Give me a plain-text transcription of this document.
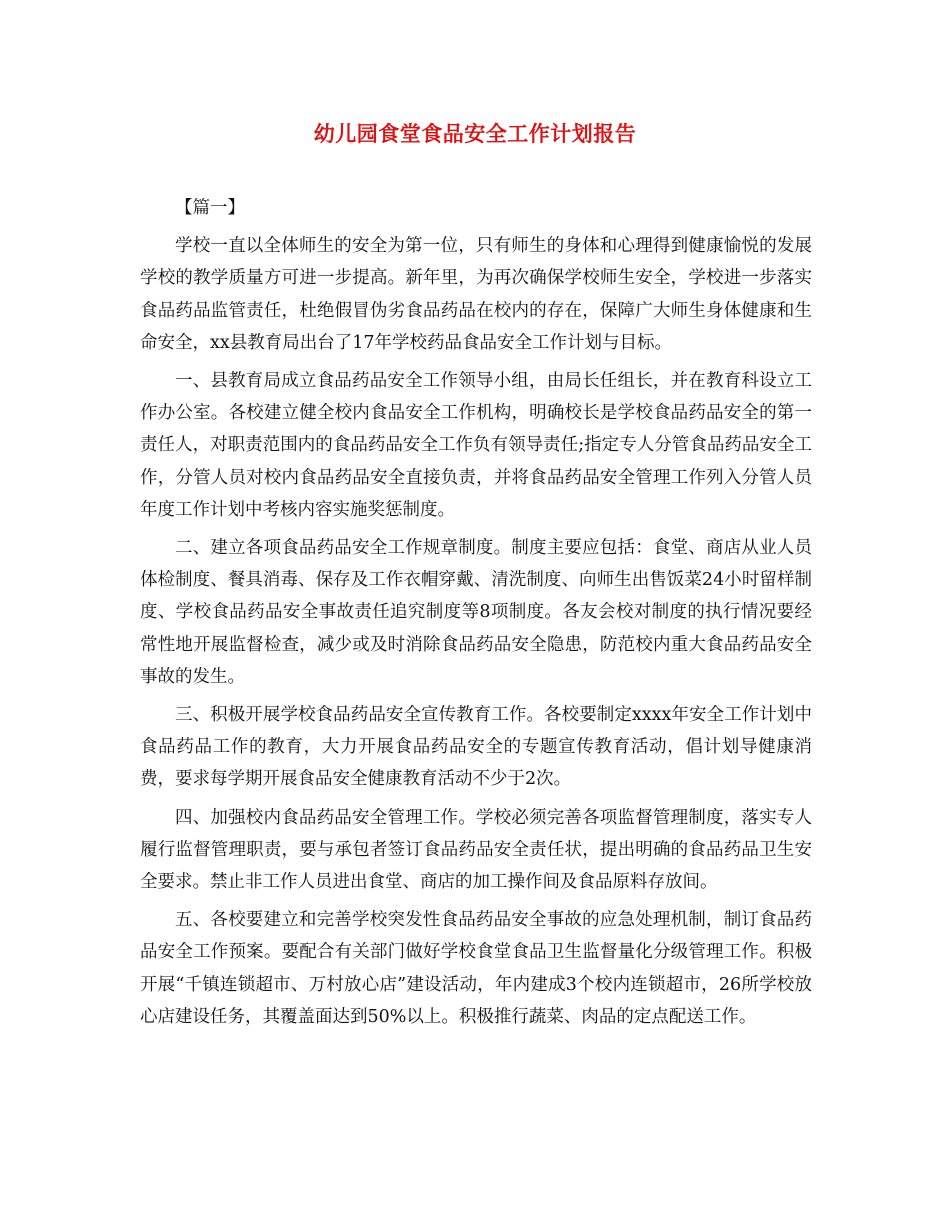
幼儿园食堂食品安全工作计划报告

【篇一】

学校一直以全体师生的安全为第一位，只有师生的身体和心理得到健康愉悦的发展学校的教学质量方可进一步提高。新年里，为再次确保学校师生安全，学校进一步落实食品药品监管责任，杜绝假冒伪劣食品药品在校内的存在，保障广大师生身体健康和生命安全，xx县教育局出台了17年学校药品食品安全工作计划与目标。

一、县教育局成立食品药品安全工作领导小组，由局长任组长，并在教育科设立工作办公室。各校建立健全校内食品安全工作机构，明确校长是学校食品药品安全的第一责任人，对职责范围内的食品药品安全工作负有领导责任;指定专人分管食品药品安全工作，分管人员对校内食品药品安全直接负责，并将食品药品安全管理工作列入分管人员年度工作计划中考核内容实施奖惩制度。

二、建立各项食品药品安全工作规章制度。制度主要应包括：食堂、商店从业人员体检制度、餐具消毒、保存及工作衣帽穿戴、清洗制度、向师生出售饭菜24小时留样制度、学校食品药品安全事故责任追究制度等8项制度。各友会校对制度的执行情况要经常性地开展监督检查，减少或及时消除食品药品安全隐患，防范校内重大食品药品安全事故的发生。

三、积极开展学校食品药品安全宣传教育工作。各校要制定xxxx年安全工作计划中食品药品工作的教育，大力开展食品药品安全的专题宣传教育活动，倡计划导健康消费，要求每学期开展食品安全健康教育活动不少于2次。

四、加强校内食品药品安全管理工作。学校必须完善各项监督管理制度，落实专人履行监督管理职责，要与承包者签订食品药品安全责任状，提出明确的食品药品卫生安全要求。禁止非工作人员进出食堂、商店的加工操作间及食品原料存放间。

五、各校要建立和完善学校突发性食品药品安全事故的应急处理机制，制订食品药品安全工作预案。要配合有关部门做好学校食堂食品卫生监督量化分级管理工作。积极开展“千镇连锁超市、万村放心店”建设活动，年内建成3个校内连锁超市，26所学校放心店建设任务，其覆盖面达到50%以上。积极推行蔬菜、肉品的定点配送工作。
